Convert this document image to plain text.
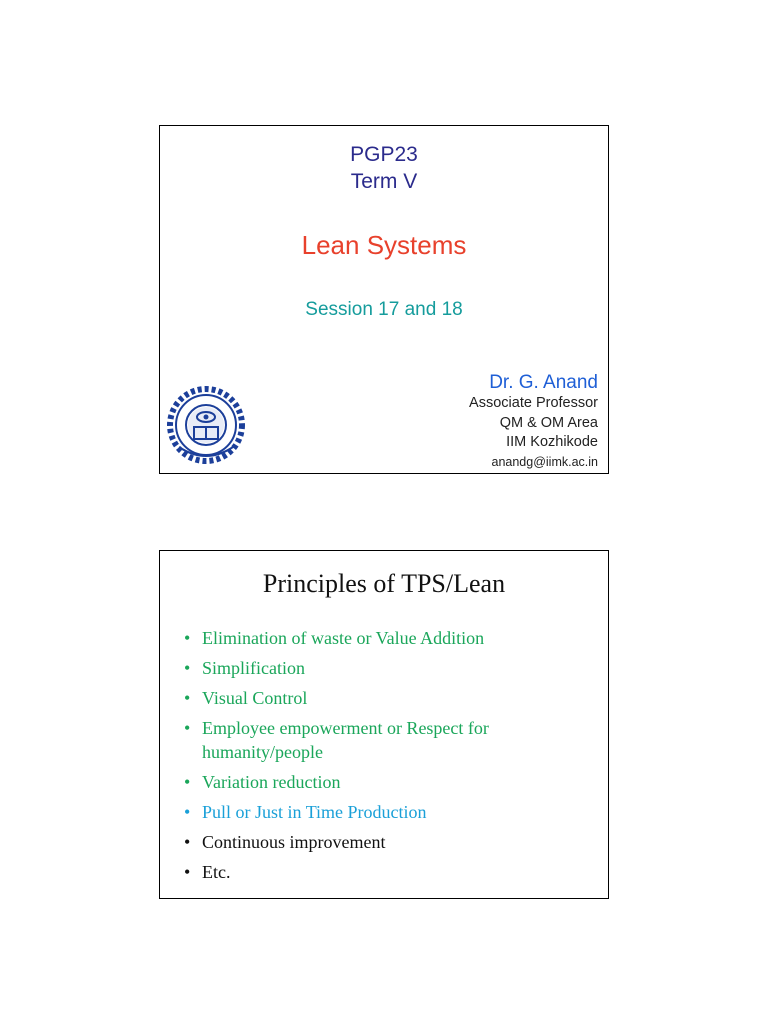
PGP23
Term V
Lean Systems
Session 17 and 18
Dr. G. Anand
Associate Professor
QM & OM Area
IIM Kozhikode
anandg@iimk.ac.in
Principles of TPS/Lean
• Elimination of waste or Value Addition
• Simplification
• Visual Control
• Employee empowerment or Respect for humanity/people
• Variation reduction
• Pull or Just in Time Production
• Continuous improvement
• Etc.
